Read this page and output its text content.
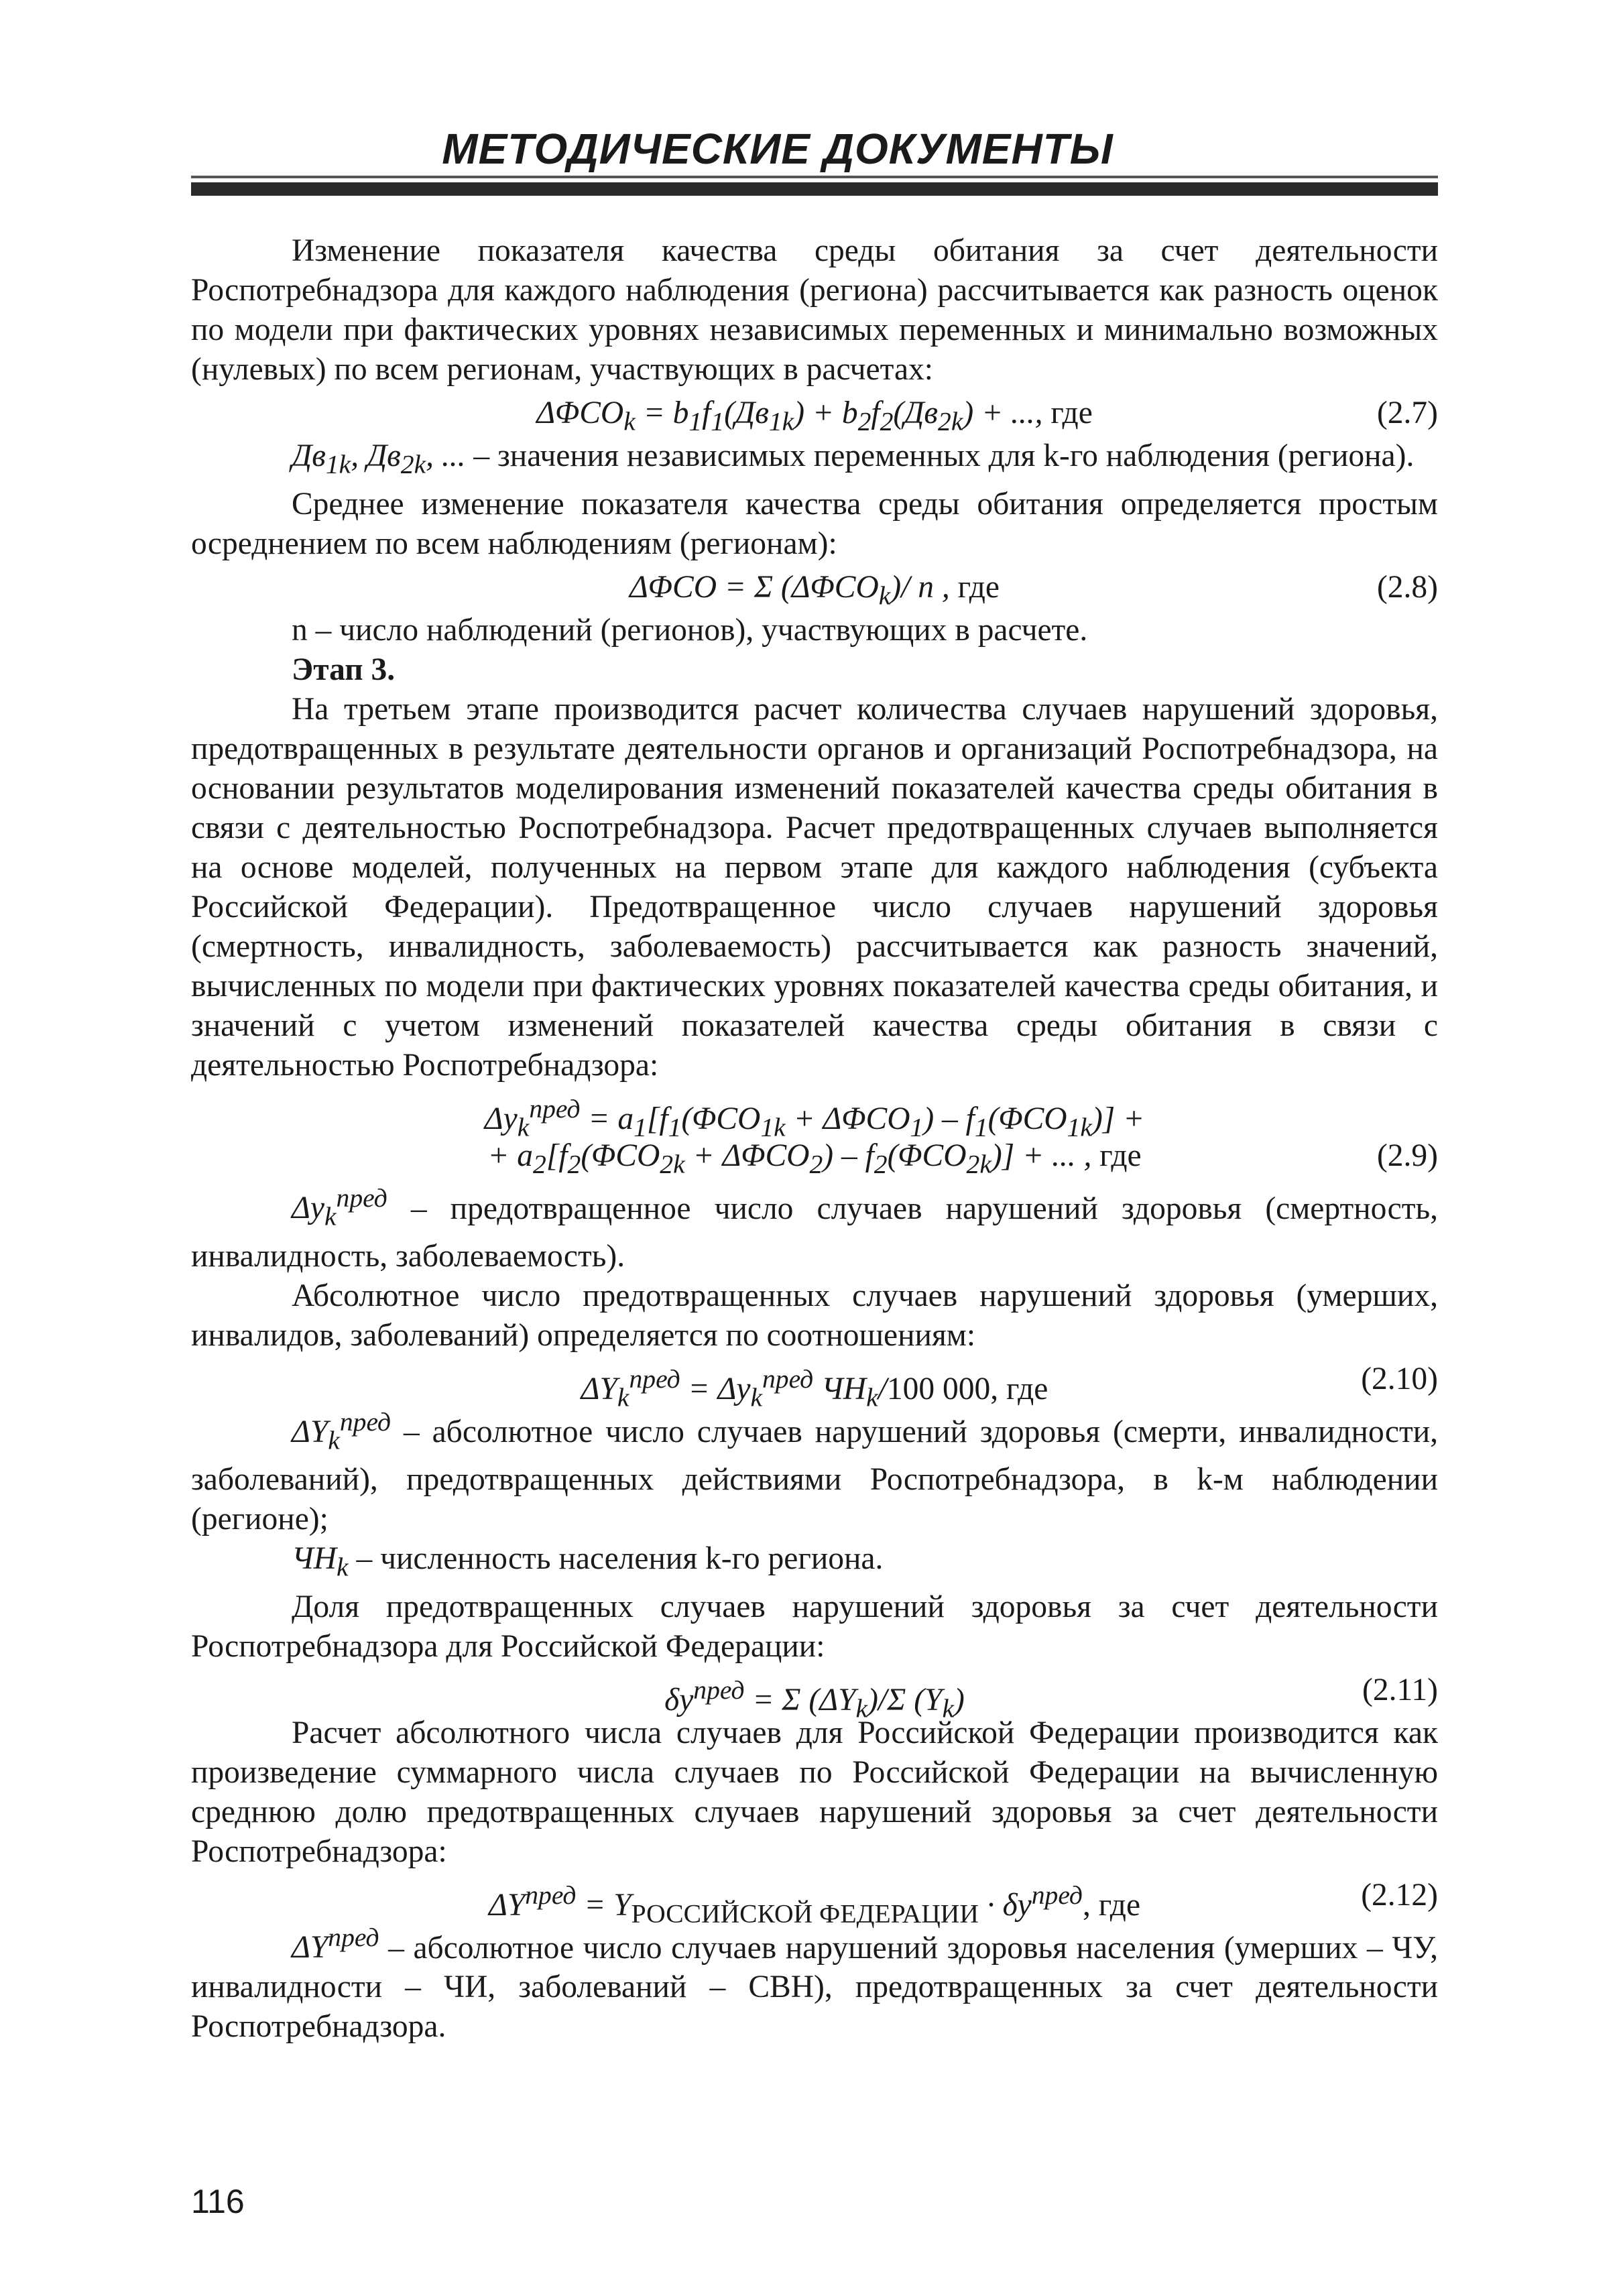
МЕТОДИЧЕСКИЕ ДОКУМЕНТЫ

Изменение показателя качества среды обитания за счет деятельности Роспотребнадзора для каждого наблюдения (региона) рассчитывается как разность оценок по модели при фактических уровнях независимых переменных и минимально возможных (нулевых) по всем регионам, участвующих в расчетах:

$\Delta\Phi СО_k = b_1f_1(Дв_{1k}) + b_2f_2(Дв_{2k})$ + ..., где	(2.7)

$Дв_{1k}$, $Дв_{2k}$, ... – значения независимых переменных для k-го наблюдения (региона).

Среднее изменение показателя качества среды обитания определяется простым осреднением по всем наблюдениям (регионам):

ΔΦСО = Σ $(\Delta\Phi СО_k)/$ n , где	(2.8)

n – число наблюдений (регионов), участвующих в расчете.

Этап 3.

На третьем этапе производится расчет количества случаев нарушений здоровья, предотвращенных в результате деятельности органов и организаций Роспотребнадзора, на основании результатов моделирования изменений показателей качества среды обитания в связи с деятельностью Роспотребнадзора. Расчет предотвращенных случаев выполняется на основе моделей, полученных на первом этапе для каждого наблюдения (субъекта Российской Федерации). Предотвращенное число случаев нарушений здоровья (смертность, инвалидность, заболеваемость) рассчитывается как разность значений, вычисленных по модели при фактических уровнях показателей качества среды обитания, и значений с учетом изменений показателей качества среды обитания в связи с деятельностью Роспотребнадзора:

$\Delta y_k^{пред} = a_1[f_1(\Phi СО_{1k} + \Delta\Phi СО_1) - f_1(\Phi СО_{1k})]$ +
+ $a_2[f_2(\Phi СО_{2k} + \Delta\Phi СО_2) - f_2(\Phi СО_{2k})]$ + ... , где	(2.9)

$\Delta y_k^{пред}$ – предотвращенное число случаев нарушений здоровья (смертность, инвалидность, заболеваемость).

Абсолютное число предотвращенных случаев нарушений здоровья (умерших, инвалидов, заболеваний) определяется по соотношениям:

$\Delta Y_k^{пред} = \Delta y_k^{пред}$ $ЧН_k/100$ 000, где	(2.10)

$\Delta Y_k^{пред}$ – абсолютное число случаев нарушений здоровья (смерти, инвалидности, заболеваний), предотвращенных действиями Роспотребнадзора, в k-м наблюдении (регионе);

$ЧН_k$ – численность населения k-го региона.

Доля предотвращенных случаев нарушений здоровья за счет деятельности Роспотребнадзора для Российской Федерации:

$\delta y^{пред} = \Sigma$ $(\Delta Y_k)/\Sigma$ $(Y_k)$	(2.11)

Расчет абсолютного числа случаев для Российской Федерации производится как произведение суммарного числа случаев по Российской Федерации на вычисленную среднюю долю предотвращенных случаев нарушений здоровья за счет деятельности Роспотребнадзора:

$\Delta Y^{пред} = Y_{РОССИЙСКОЙ ФЕДЕРАЦИИ} \cdot \delta y^{пред}$, где	(2.12)

$\Delta Y^{пред}$ – абсолютное число случаев нарушений здоровья населения (умерших – ЧУ, инвалидности – ЧИ, заболеваний – СВН), предотвращенных за счет деятельности Роспотребнадзора.

116
